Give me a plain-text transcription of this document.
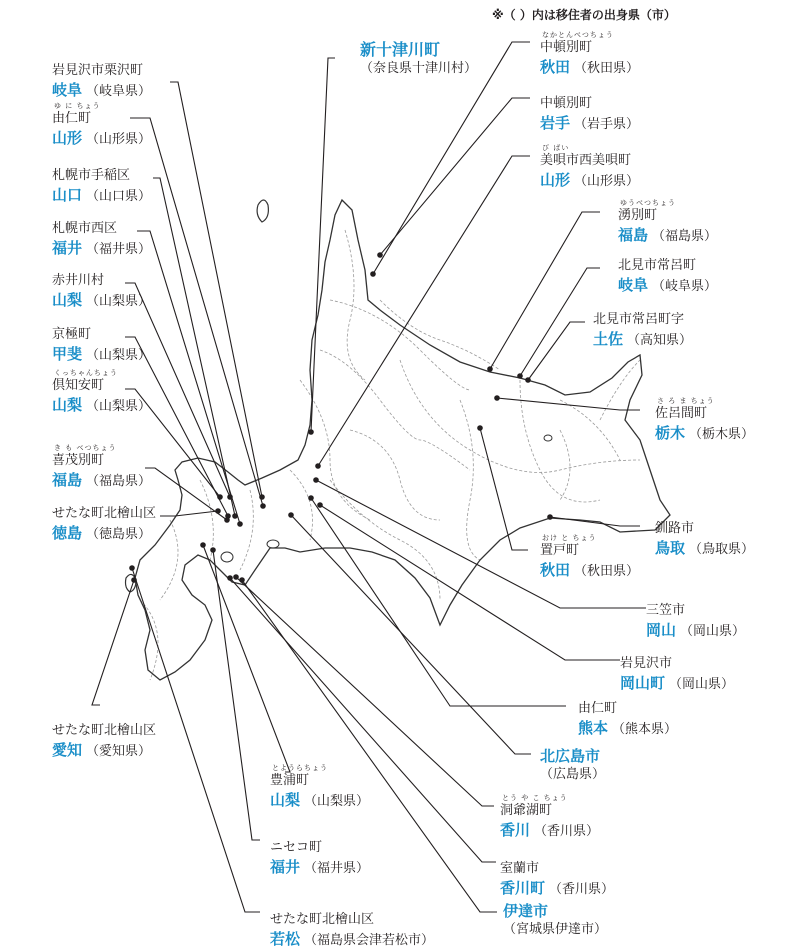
※（ ）内は移住者の出身県（市）
岩見沢市栗沢町
岐阜 （岐阜県）
ゆ に ちょう
由仁町
山形 （山形県）
札幌市手稲区
山口 （山口県）
札幌市西区
福井 （福井県）
赤井川村
山梨 （山梨県）
京極町
甲斐 （山梨県）
くっちゃんちょう
倶知安町
山梨 （山梨県）
き も べつちょう
喜茂別町
福島 （福島県）
せたな町北檜山区
徳島 （徳島県）
新十津川町
（奈良県十津川村）
なかとんべつちょう
中頓別町
秋田 （秋田県）
中頓別町
岩手 （岩手県）
び ばい
美唄市西美唄町
山形 （山形県）
ゆうべつちょう
湧別町
福島 （福島県）
北見市常呂町
岐阜 （岐阜県）
北見市常呂町字
土佐 （高知県）
さ ろ ま ちょう
佐呂間町
栃木 （栃木県）
釧路市
鳥取 （鳥取県）
おけ と ちょう
置戸町
秋田 （秋田県）
三笠市
岡山 （岡山県）
岩見沢市
岡山町 （岡山県）
由仁町
熊本 （熊本県）
北広島市
（広島県）
とう や こ ちょう
洞爺湖町
香川 （香川県）
室蘭市
香川町 （香川県）
伊達市
（宮城県伊達市）
せたな町北檜山区
愛知 （愛知県）
とようらちょう
豊浦町
山梨 （山梨県）
ニセコ町
福井 （福井県）
せたな町北檜山区
若松 （福島県会津若松市）
